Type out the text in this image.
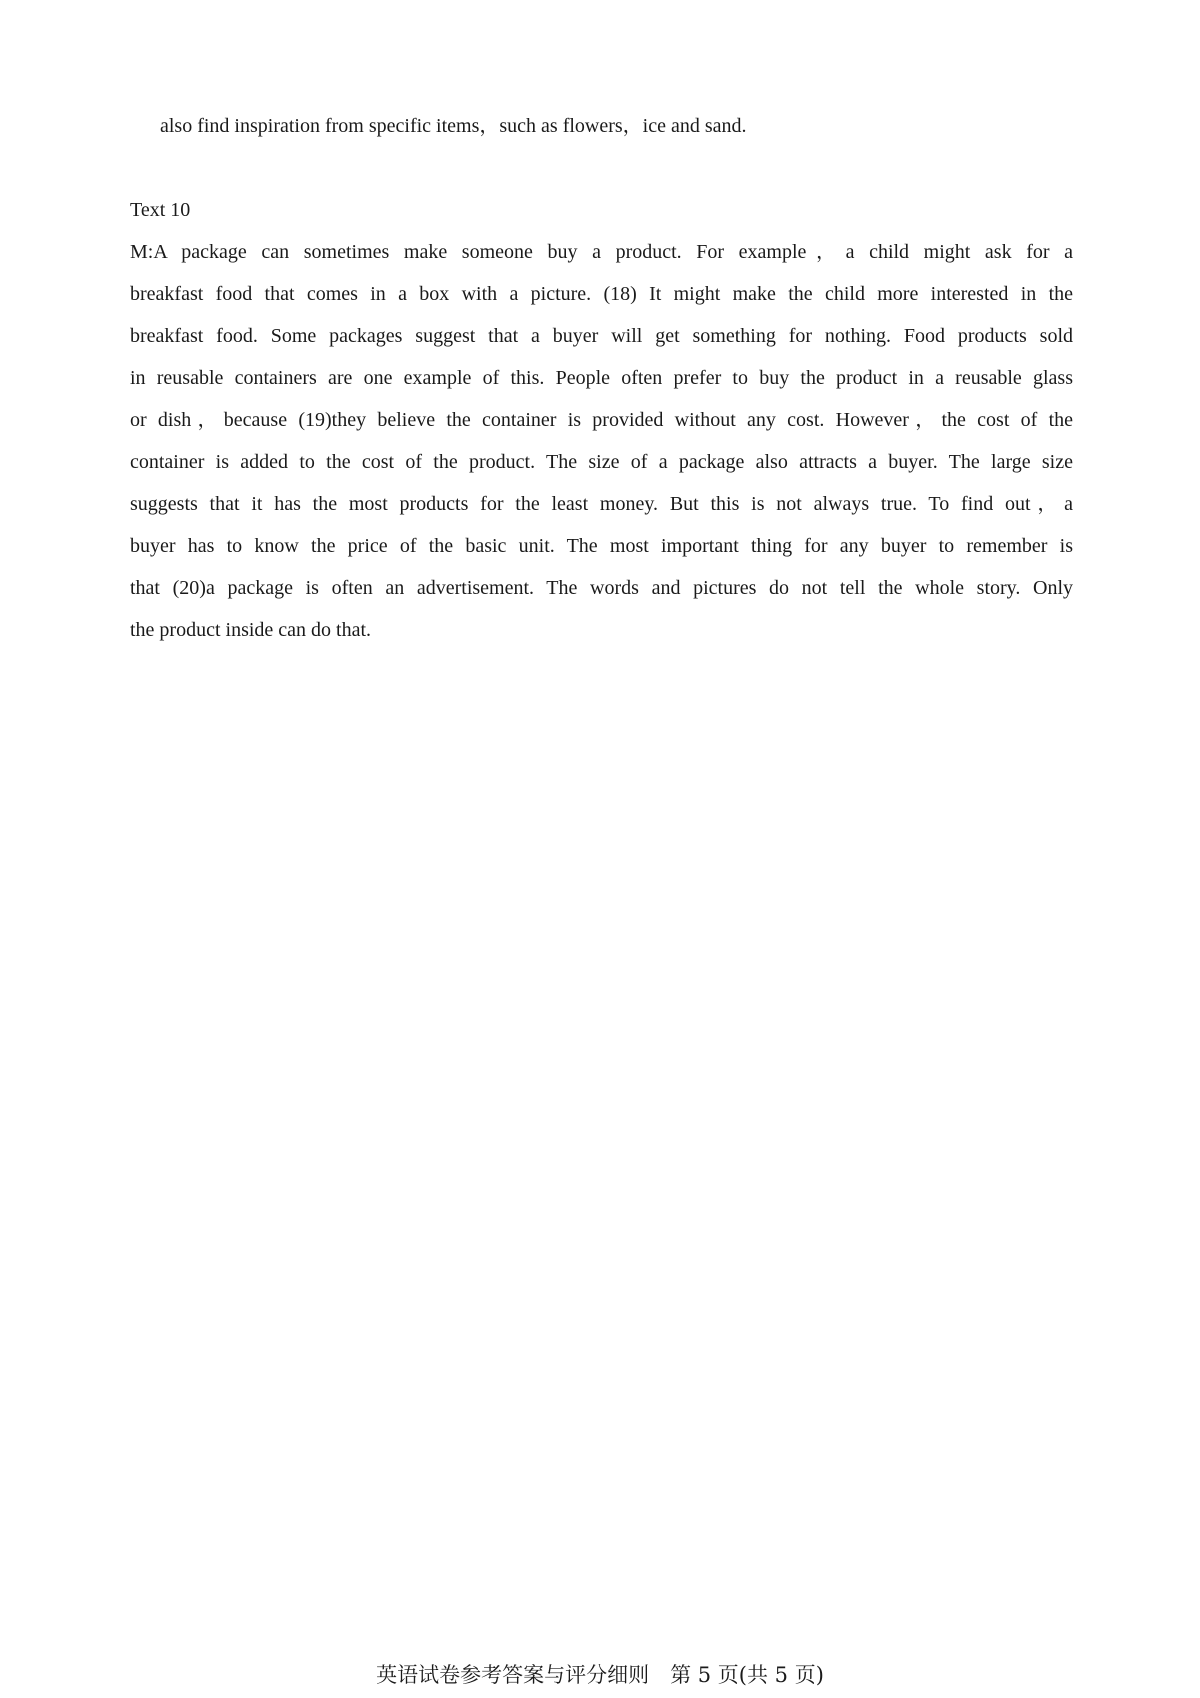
also find inspiration from specific items，such as flowers，ice and sand.
Text 10
M:A package can sometimes make someone buy a product. For example，a child might ask for a
breakfast food that comes in a box with a picture. (18) It might make the child more interested in the
breakfast food. Some packages suggest that a buyer will get something for nothing. Food products sold
in reusable containers are one example of this. People often prefer to buy the product in a reusable glass
or dish，because (19)they believe the container is provided without any cost. However，the cost of the
container is added to the cost of the product. The size of a package also attracts a buyer. The large size
suggests that it has the most products for the least money. But this is not always true. To find out，a
buyer has to know the price of the basic unit. The most important thing for any buyer to remember is
that (20)a package is often an advertisement. The words and pictures do not tell the whole story. Only
the product inside can do that.
英语试卷参考答案与评分细则　第 5 页(共 5 页)
